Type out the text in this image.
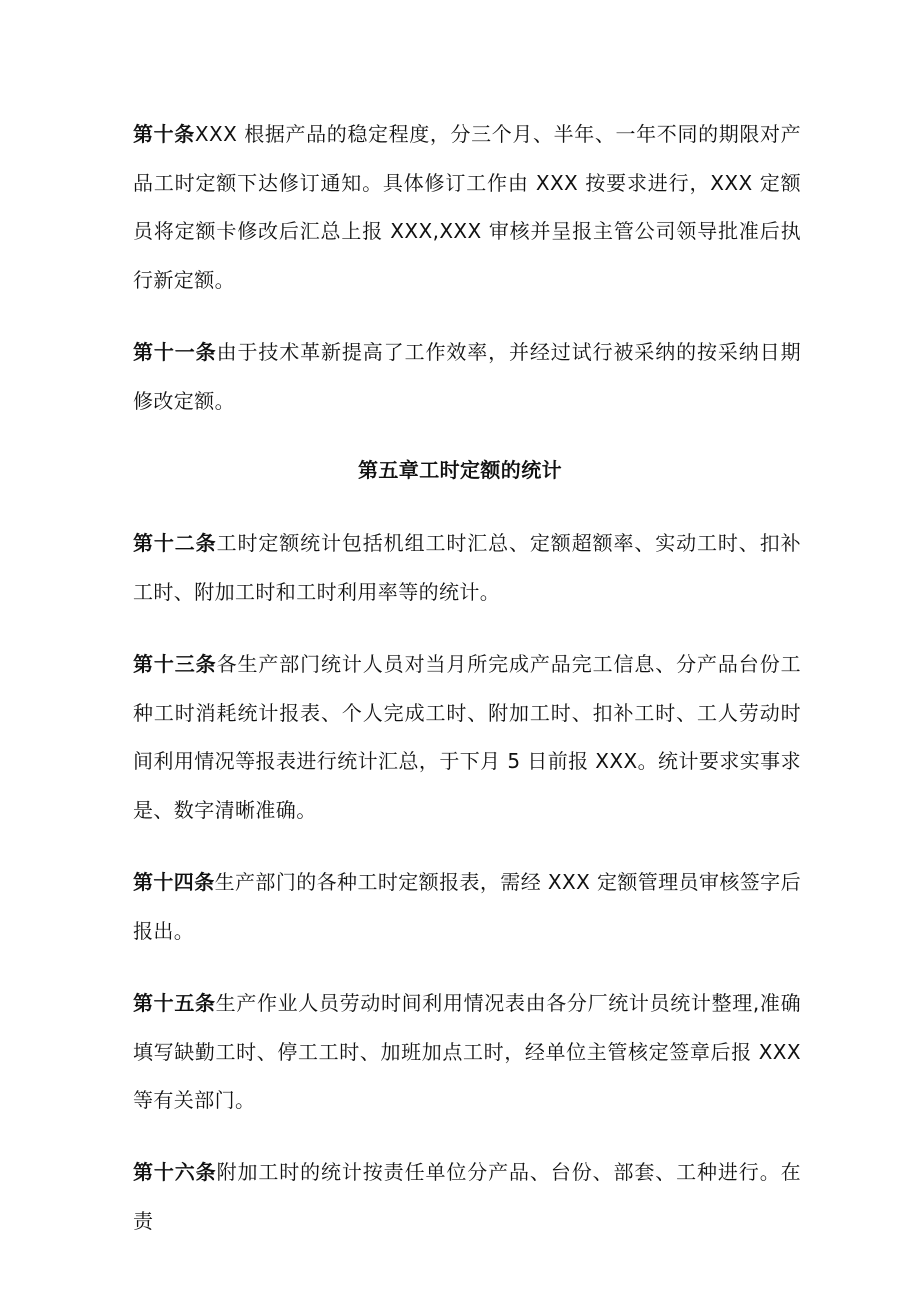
第十条XXX 根据产品的稳定程度，分三个月、半年、一年不同的期限对产品工时定额下达修订通知。具体修订工作由 XXX 按要求进行，XXX 定额员将定额卡修改后汇总上报 XXX,XXX 审核并呈报主管公司领导批准后执行新定额。

第十一条由于技术革新提高了工作效率，并经过试行被采纳的按采纳日期修改定额。

第五章工时定额的统计

第十二条工时定额统计包括机组工时汇总、定额超额率、实动工时、扣补工时、附加工时和工时利用率等的统计。

第十三条各生产部门统计人员对当月所完成产品完工信息、分产品台份工种工时消耗统计报表、个人完成工时、附加工时、扣补工时、工人劳动时间利用情况等报表进行统计汇总，于下月 5 日前报 XXX。统计要求实事求是、数字清晰准确。

第十四条生产部门的各种工时定额报表，需经 XXX 定额管理员审核签字后报出。

第十五条生产作业人员劳动时间利用情况表由各分厂统计员统计整理,准确填写缺勤工时、停工工时、加班加点工时，经单位主管核定签章后报 XXX 等有关部门。

第十六条附加工时的统计按责任单位分产品、台份、部套、工种进行。在责
